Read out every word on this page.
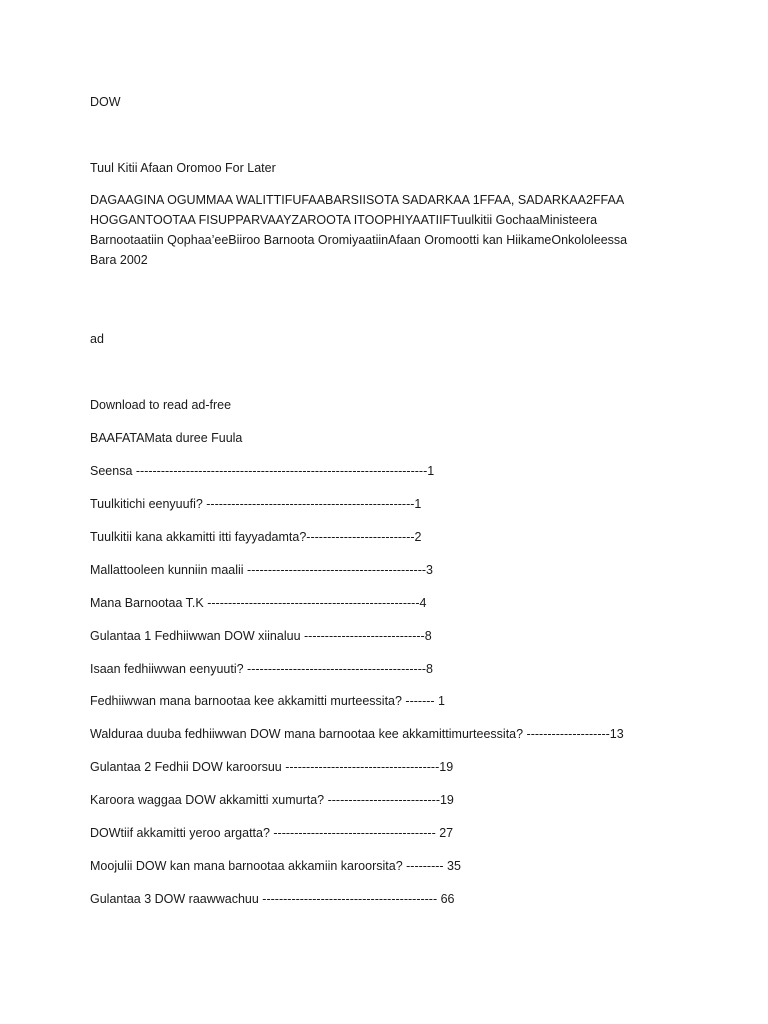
DOW
Tuul Kitii Afaan Oromoo For Later
DAGAAGINA OGUMMAA WALITTIFUFAABARSIISOTA SADARKAA 1FFAA, SADARKAA2FFAA HOGGANTOOTAA FISUPPARVAAYZAROOTA ITOOPHIYAATIIFTuulkitii GochaaMinisteera Barnootaatiin Qophaa’eeBiiroo Barnoota OromiyaatiinAfaan Oromootti kan HiikameOnkololeessa Bara 2002
ad
Download to read ad-free
BAAFATAMata duree Fuula
Seensa ----------------------------------------------------------------------1
Tuulkitichi eenyuufi? --------------------------------------------------1
Tuulkitii kana akkamitti itti fayyadamta?--------------------------2
Mallattooleen kunniin maalii -------------------------------------------3
Mana Barnootaa T.K ---------------------------------------------------4
Gulantaa 1 Fedhiiwwan DOW xiinaluu -----------------------------8
Isaan fedhiiwwan eenyuuti? -------------------------------------------8
Fedhiiwwan mana barnootaa kee akkamitti murteessita? ------- 1
Walduraa duuba fedhiiwwan DOW mana barnootaa kee akkamittimurteessita? --------------------13
Gulantaa 2 Fedhii DOW karoorsuu -------------------------------------19
Karoora waggaa DOW akkamitti xumurta? ---------------------------19
DOWtiif akkamitti yeroo argatta? --------------------------------------- 27
Moojulii DOW kan mana barnootaa akkamiin karoorsita? --------- 35
Gulantaa 3 DOW raawwachuu ------------------------------------------ 66
